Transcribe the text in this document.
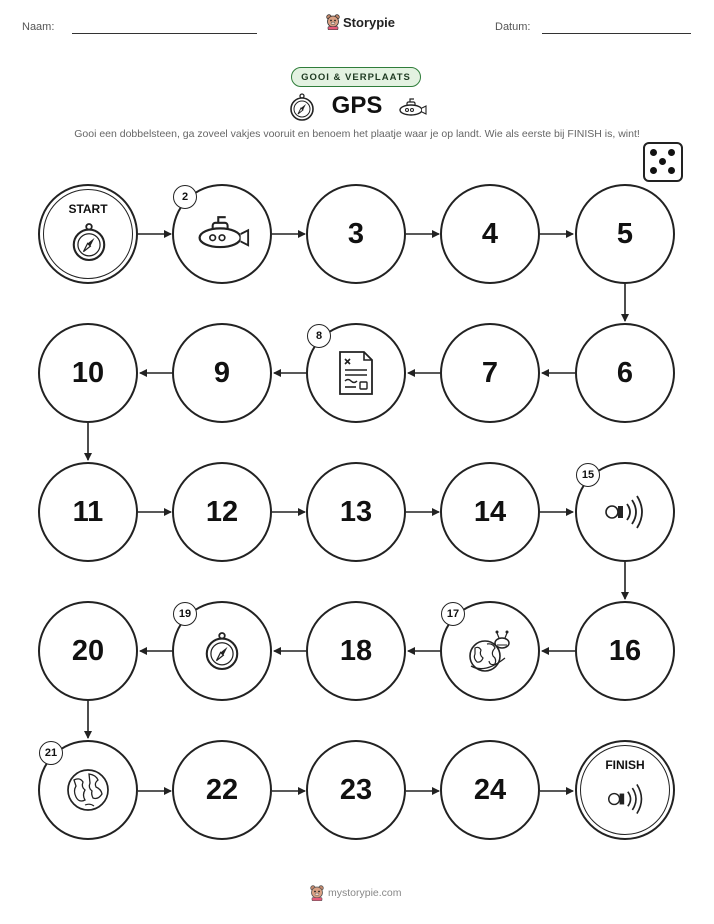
Naam:	Storypie	Datum:
GOOI & VERPLAATS
GPS
Gooi een dobbelsteen, ga zoveel vakjes vooruit en benoem het plaatje waar je op landt. Wie als eerste bij FINISH is, wint!
START
2
3	4	5
10	9
8
7	6
11	12	13	14
15
20
19
18
17
16
21
22	23	24
FINISH
mystorypie.com
